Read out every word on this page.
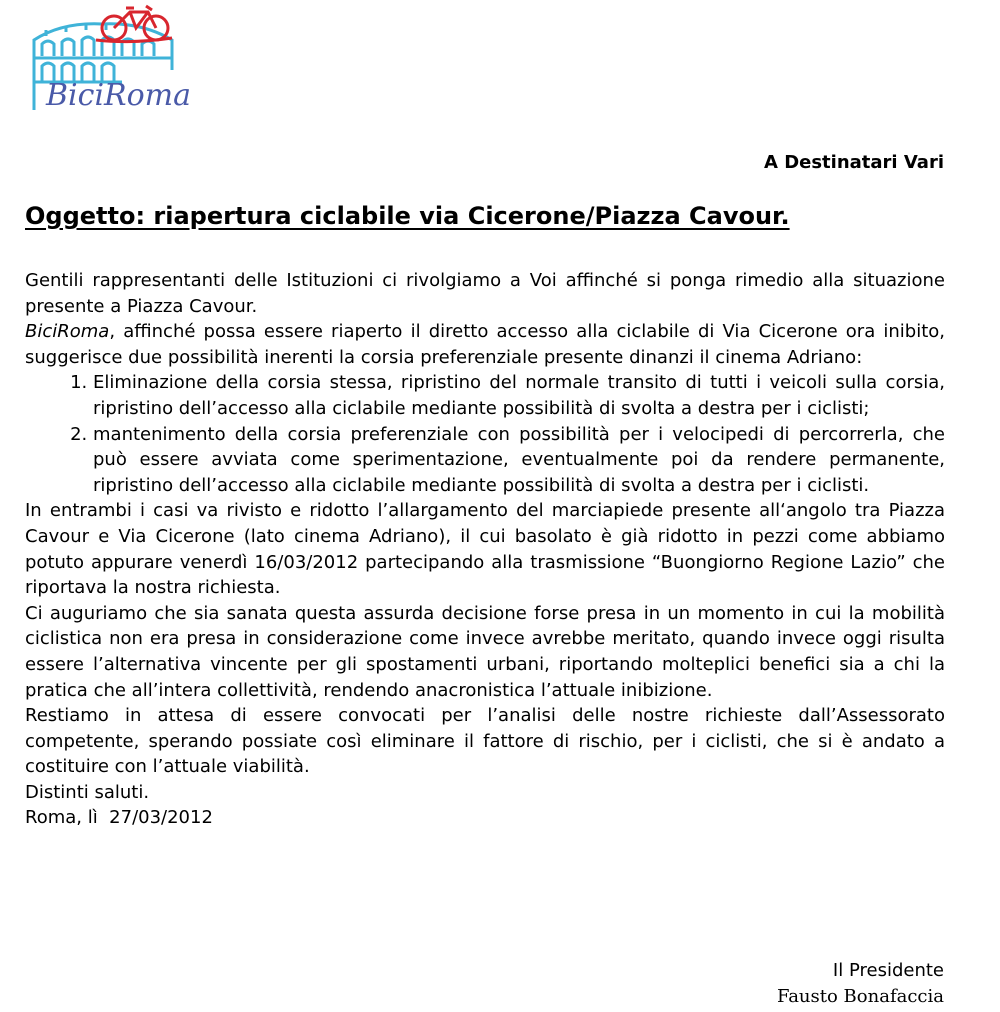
BiciRoma
A Destinatari Vari
Oggetto: riapertura ciclabile via Cicerone/Piazza Cavour.

Gentili rappresentanti delle Istituzioni ci rivolgiamo a Voi affinché si ponga rimedio alla situazione presente a Piazza Cavour.

BiciRoma, affinché possa essere riaperto il diretto accesso alla ciclabile di Via Cicerone ora inibito, suggerisce due possibilità inerenti la corsia preferenziale presente dinanzi il cinema Adriano:

1. Eliminazione della corsia stessa, ripristino del normale transito di tutti i veicoli sulla corsia, ripristino dell’accesso alla ciclabile mediante possibilità di svolta a destra per i ciclisti;
2. mantenimento della corsia preferenziale con possibilità per i velocipedi di percorrerla, che può essere avviata come sperimentazione, eventualmente poi da rendere permanente, ripristino dell’accesso alla ciclabile mediante possibilità di svolta a destra per i ciclisti.

In entrambi i casi va rivisto e ridotto l’allargamento del marciapiede presente all‘angolo tra Piazza Cavour e Via Cicerone (lato cinema Adriano), il cui basolato è già ridotto in pezzi come abbiamo potuto appurare venerdì 16/03/2012 partecipando alla trasmissione “Buongiorno Regione Lazio” che riportava la nostra richiesta.

Ci auguriamo che sia sanata questa assurda decisione forse presa in un momento in cui la mobilità ciclistica non era presa in considerazione come invece avrebbe meritato, quando invece oggi risulta essere l’alternativa vincente per gli spostamenti urbani, riportando molteplici benefici sia a chi la pratica che all’intera collettività, rendendo anacronistica l’attuale inibizione.

Restiamo in attesa di essere convocati per l’analisi delle nostre richieste dall’Assessorato competente, sperando possiate così eliminare il fattore di rischio, per i ciclisti, che si è andato a costituire con l’attuale viabilità.

Distinti saluti.

Roma, lì  27/03/2012

Il Presidente
Fausto Bonafaccia
